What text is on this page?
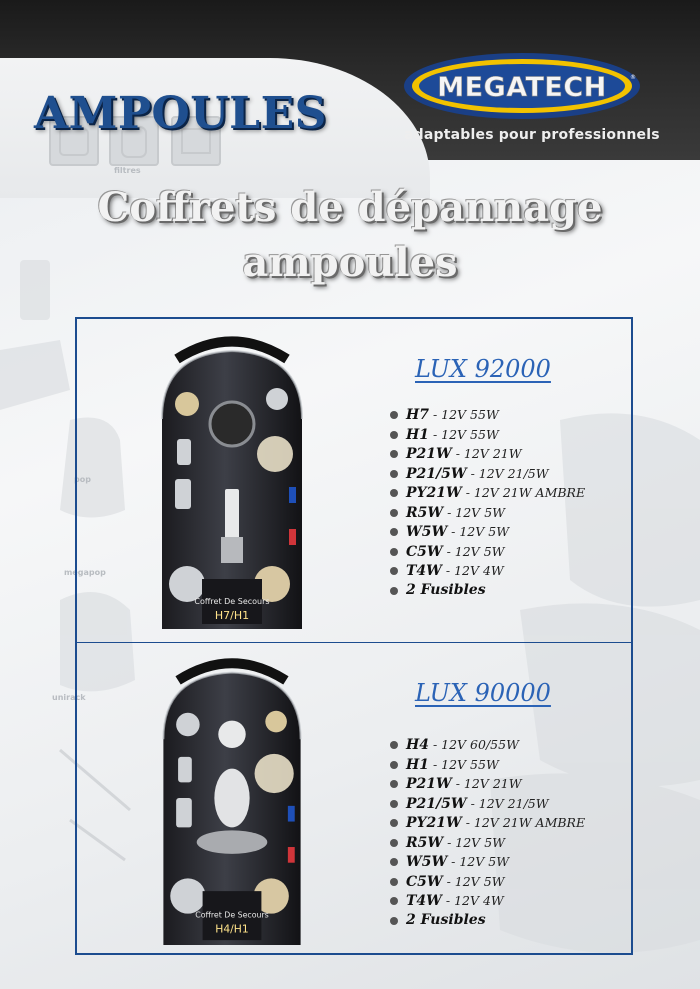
filtres
pop
megapop
unirack
MEGATECH	®
adaptables pour professionnels
AMPOULES
Coffrets de dépannage
ampoules
Coffret De Secours
H7/H1
LUX 92000
H7 - 12V 55W
H1 - 12V 55W
P21W - 12V 21W
P21/5W - 12V 21/5W
PY21W - 12V 21W AMBRE
R5W - 12V 5W
W5W - 12V 5W
C5W - 12V 5W
T4W - 12V 4W
2 Fusibles
Coffret De Secours
H4/H1
LUX 90000
H4 - 12V 60/55W
H1 - 12V 55W
P21W - 12V 21W
P21/5W - 12V 21/5W
PY21W - 12V 21W AMBRE
R5W - 12V 5W
W5W - 12V 5W
C5W - 12V 5W
T4W - 12V 4W
2 Fusibles
